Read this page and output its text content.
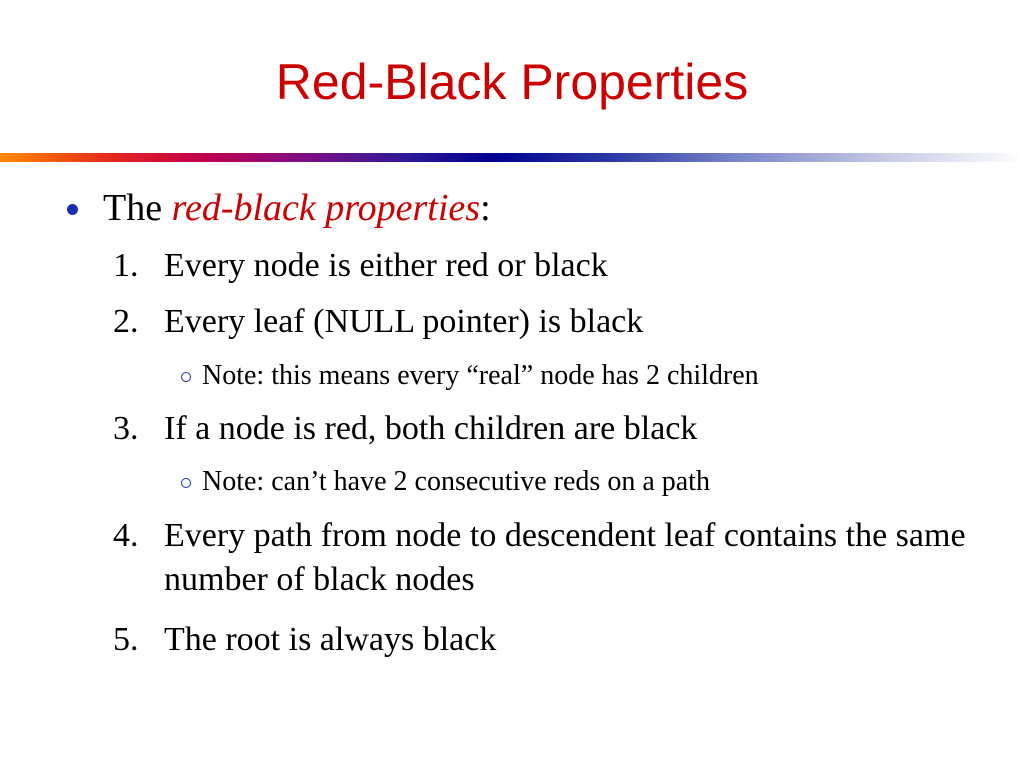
Red-Black Properties
The red-black properties:
1. Every node is either red or black
2. Every leaf (NULL pointer) is black
Note: this means every “real” node has 2 children
3. If a node is red, both children are black
Note: can’t have 2 consecutive reds on a path
4. Every path from node to descendent leaf contains the same number of black nodes
5. The root is always black
